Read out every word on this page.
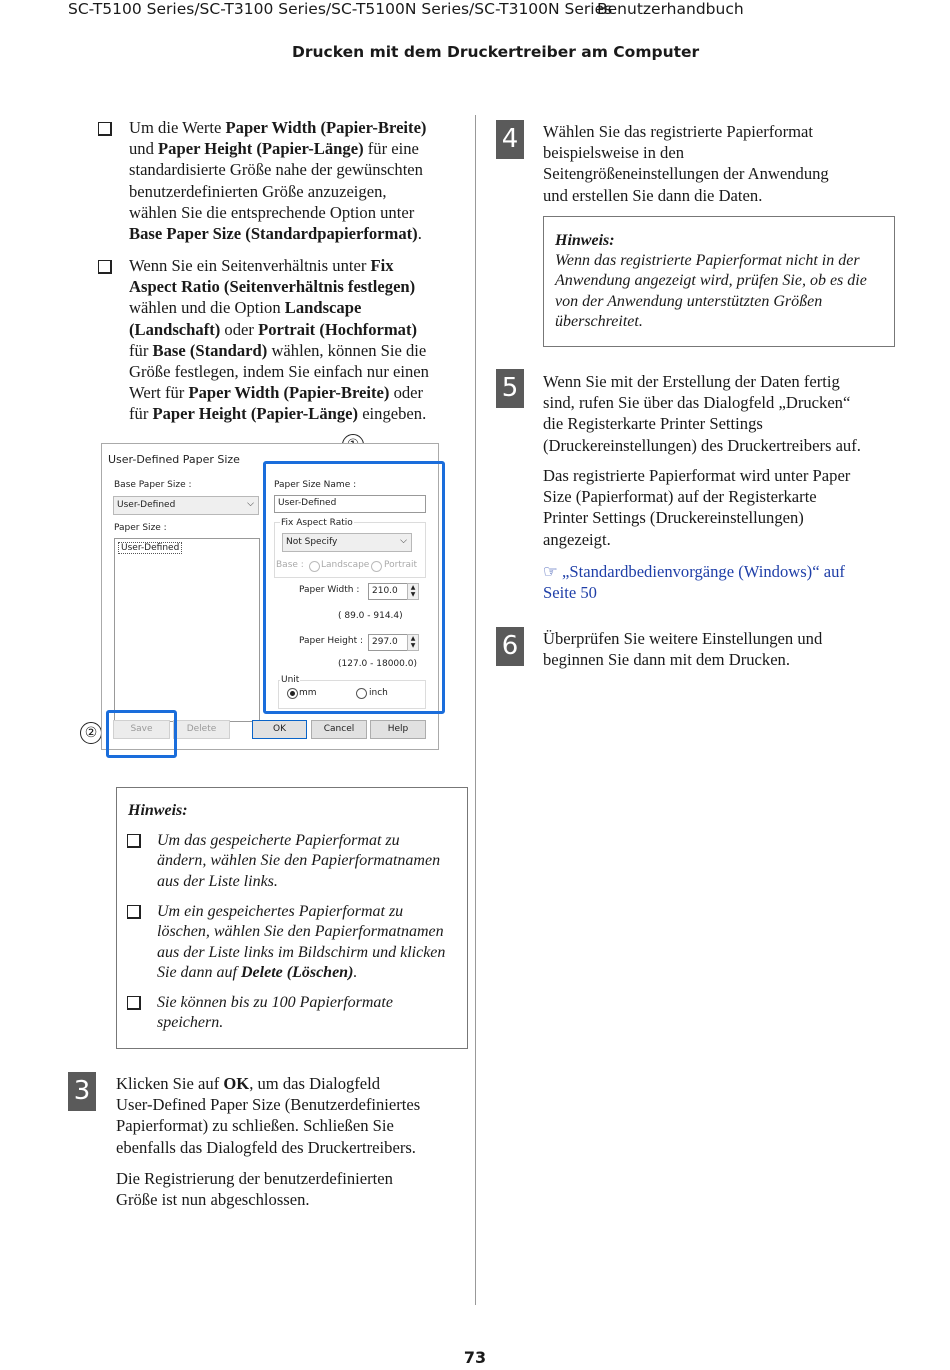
SC-T5100 Series/SC-T3100 Series/SC-T5100N Series/SC-T3100N Series
Benutzerhandbuch
Drucken mit dem Druckertreiber am Computer
Um die Werte Paper Width (Papier-Breite)
und Paper Height (Papier-Länge) für eine
standardisierte Größe nahe der gewünschten
benutzerdefinierten Größe anzuzeigen,
wählen Sie die entsprechende Option unter
Base Paper Size (Standardpapierformat).
Wenn Sie ein Seitenverhältnis unter Fix
Aspect Ratio (Seitenverhältnis festlegen)
wählen und die Option Landscape
(Landschaft) oder Portrait (Hochformat)
für Base (Standard) wählen, können Sie die
Größe festlegen, indem Sie einfach nur einen
Wert für Paper Width (Papier-Breite) oder
für Paper Height (Papier-Länge) eingeben.
②
User-Defined Paper Size
Base Paper Size :
User-Defined	⌵
Paper Size :
User-Defined
Paper Size Name :
User-Defined
Fix Aspect Ratio
Not Specify	⌵
Base : Landscape Portrait
Paper Width : 210.0	▲
▼
( 89.0 - 914.4)
Paper Height : 297.0	▲
▼
(127.0 - 18000.0)
Unit
mm	inch
Save	Delete	OK	Cancel	Help
Hinweis:
Um das gespeicherte Papierformat zu
ändern, wählen Sie den Papierformatnamen
aus der Liste links.
Um ein gespeichertes Papierformat zu
löschen, wählen Sie den Papierformatnamen
aus der Liste links im Bildschirm und klicken
Sie dann auf Delete (Löschen).
Sie können bis zu 100 Papierformate
speichern.
3	Klicken Sie auf OK, um das Dialogfeld
User-Defined Paper Size (Benutzerdefiniertes
Papierformat) zu schließen. Schließen Sie
ebenfalls das Dialogfeld des Druckertreibers.
Die Registrierung der benutzerdefinierten
Größe ist nun abgeschlossen.
4	Wählen Sie das registrierte Papierformat
beispielsweise in den
Seitengrößeneinstellungen der Anwendung
und erstellen Sie dann die Daten.
Hinweis:
Wenn das registrierte Papierformat nicht in der
Anwendung angezeigt wird, prüfen Sie, ob es die
von der Anwendung unterstützten Größen
überschreitet.
5	Wenn Sie mit der Erstellung der Daten fertig
sind, rufen Sie über das Dialogfeld „Drucken“
die Registerkarte Printer Settings
(Druckereinstellungen) des Druckertreibers auf.
Das registrierte Papierformat wird unter Paper
Size (Papierformat) auf der Registerkarte
Printer Settings (Druckereinstellungen)
angezeigt.
☞ „Standardbedienvorgänge (Windows)“ auf
Seite 50
6	Überprüfen Sie weitere Einstellungen und
beginnen Sie dann mit dem Drucken.
73
